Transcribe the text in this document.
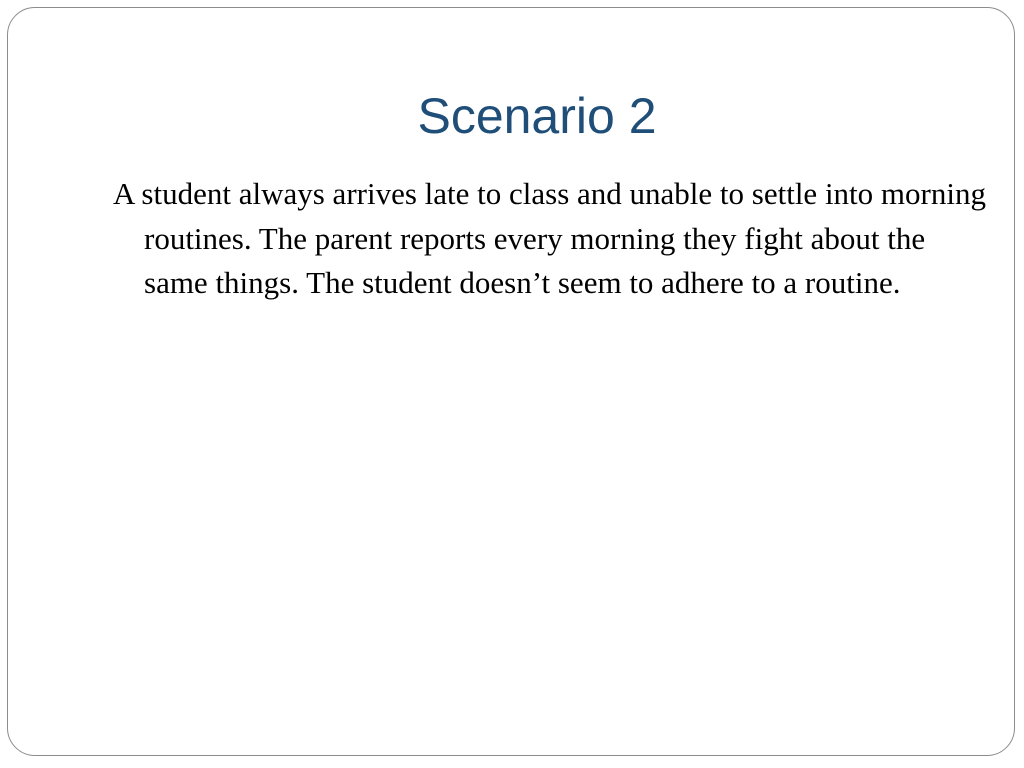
Scenario 2

A student always arrives late to class and unable to settle into morning routines. The parent reports every morning they fight about the same things. The student doesn’t seem to adhere to a routine.
